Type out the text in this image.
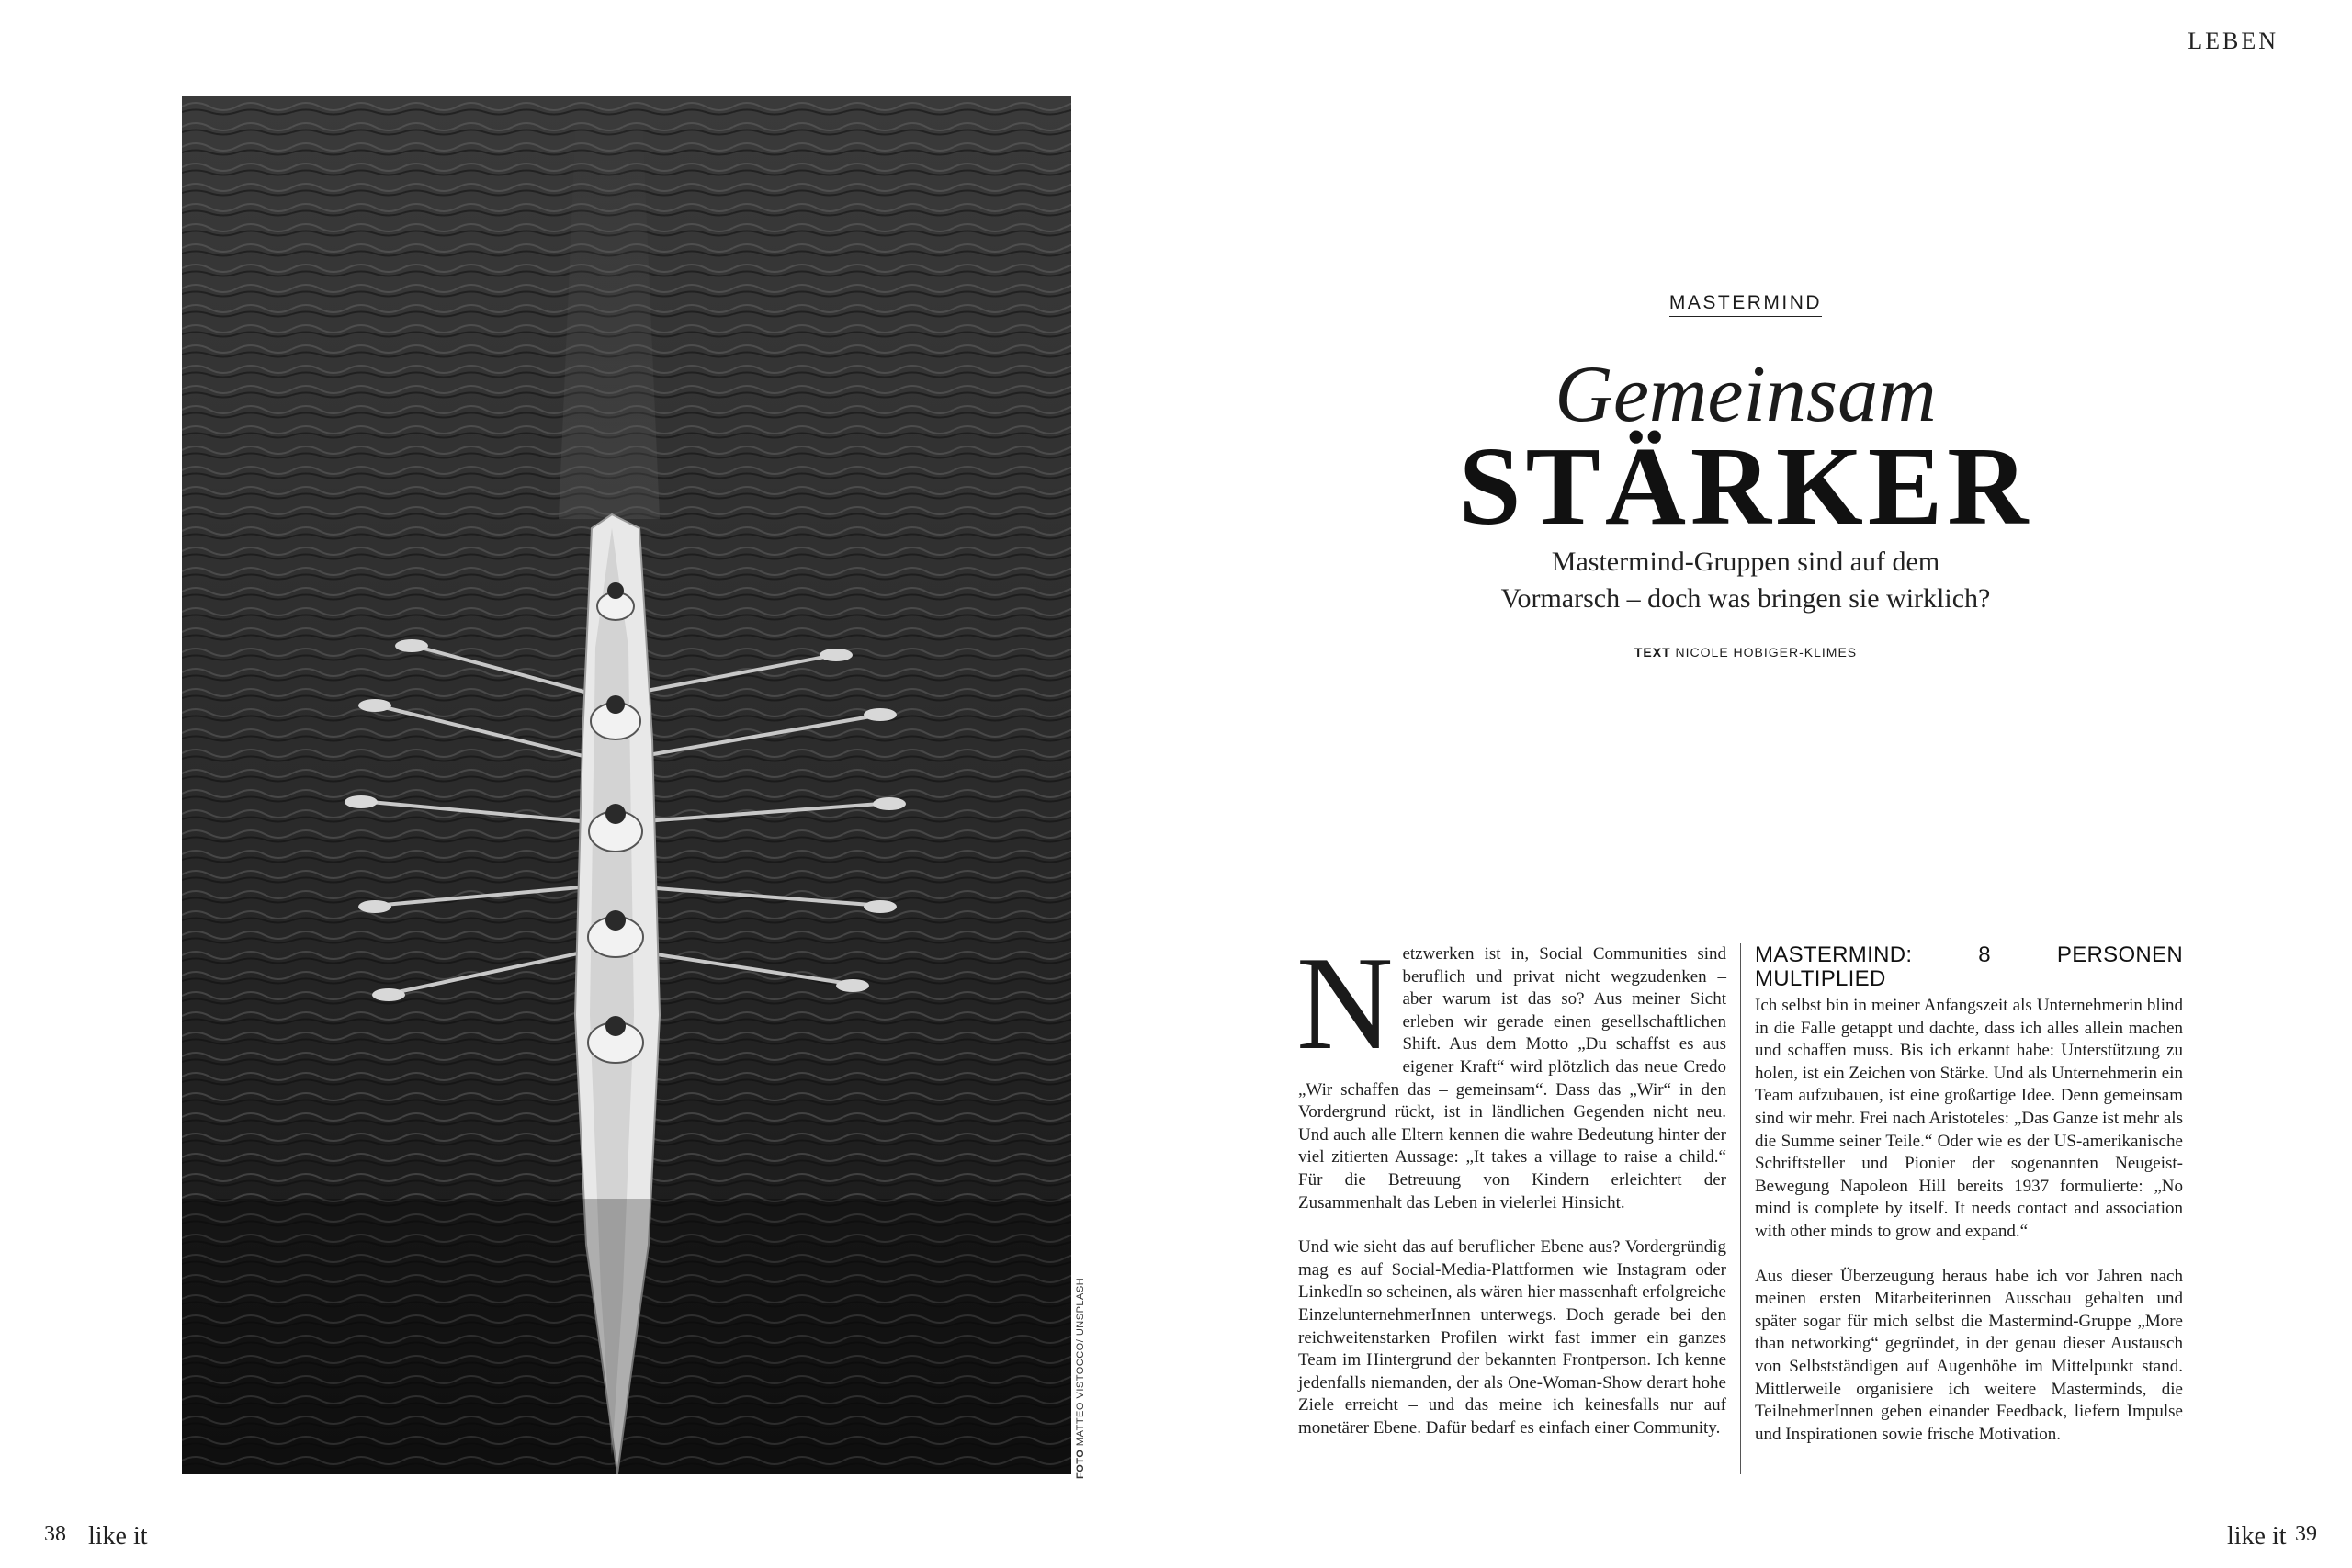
LEBEN
FOTO MATTEO VISTOCCO/ UNSPLASH
MASTERMIND
Gemeinsam
STÄRKER
Mastermind-Gruppen sind auf dem
Vormarsch – doch was bringen sie wirklich?
TEXT NICOLE HOBIGER-KLIMES

Netzwerken ist in, Social Communities sind beruflich und privat nicht wegzudenken – aber warum ist das so? Aus meiner Sicht erleben wir gerade einen gesellschaftlichen Shift. Aus dem Motto „Du schaffst es aus eigener Kraft“ wird plötzlich das neue Credo „Wir schaffen das – gemeinsam“. Dass das „Wir“ in den Vordergrund rückt, ist in ländlichen Gegenden nicht neu. Und auch alle Eltern kennen die wahre Bedeutung hinter der viel zitierten Aussage: „It takes a village to raise a child.“ Für die Betreuung von Kindern erleichtert der Zusammenhalt das Leben in vielerlei Hinsicht.

Und wie sieht das auf beruflicher Ebene aus? Vordergründig mag es auf Social-Media-Plattformen wie Instagram oder LinkedIn so scheinen, als wären hier massenhaft erfolgreiche EinzelunternehmerInnen unterwegs. Doch gerade bei den reichweitenstarken Profilen wirkt fast immer ein ganzes Team im Hintergrund der bekannten Frontperson. Ich kenne jedenfalls niemanden, der als One-Woman-Show derart hohe Ziele erreicht – und das meine ich keinesfalls nur auf monetärer Ebene. Dafür bedarf es einfach einer Community.

MASTERMIND: 8 PERSONEN MULTIPLIED

Ich selbst bin in meiner Anfangszeit als Unternehmerin blind in die Falle getappt und dachte, dass ich alles allein machen und schaffen muss. Bis ich erkannt habe: Unterstützung zu holen, ist ein Zeichen von Stärke. Und als Unternehmerin ein Team aufzubauen, ist eine großartige Idee. Denn gemeinsam sind wir mehr. Frei nach Aristoteles: „Das Ganze ist mehr als die Summe seiner Teile.“ Oder wie es der US-amerikanische Schriftsteller und Pionier der sogenannten Neugeist-Bewegung Napoleon Hill bereits 1937 formulierte: „No mind is complete by itself. It needs contact and association with other minds to grow and expand.“

Aus dieser Überzeugung heraus habe ich vor Jahren nach meinen ersten Mitarbeiterinnen Ausschau gehalten und später sogar für mich selbst die Mastermind-Gruppe „More than networking“ gegründet, in der genau dieser Austausch von Selbstständigen auf Augenhöhe im Mittelpunkt stand. Mittlerweile organisiere ich weitere Masterminds, die TeilnehmerInnen geben einander Feedback, liefern Impulse und Inspirationen sowie frische Motivation.

38 like it	like it 39
